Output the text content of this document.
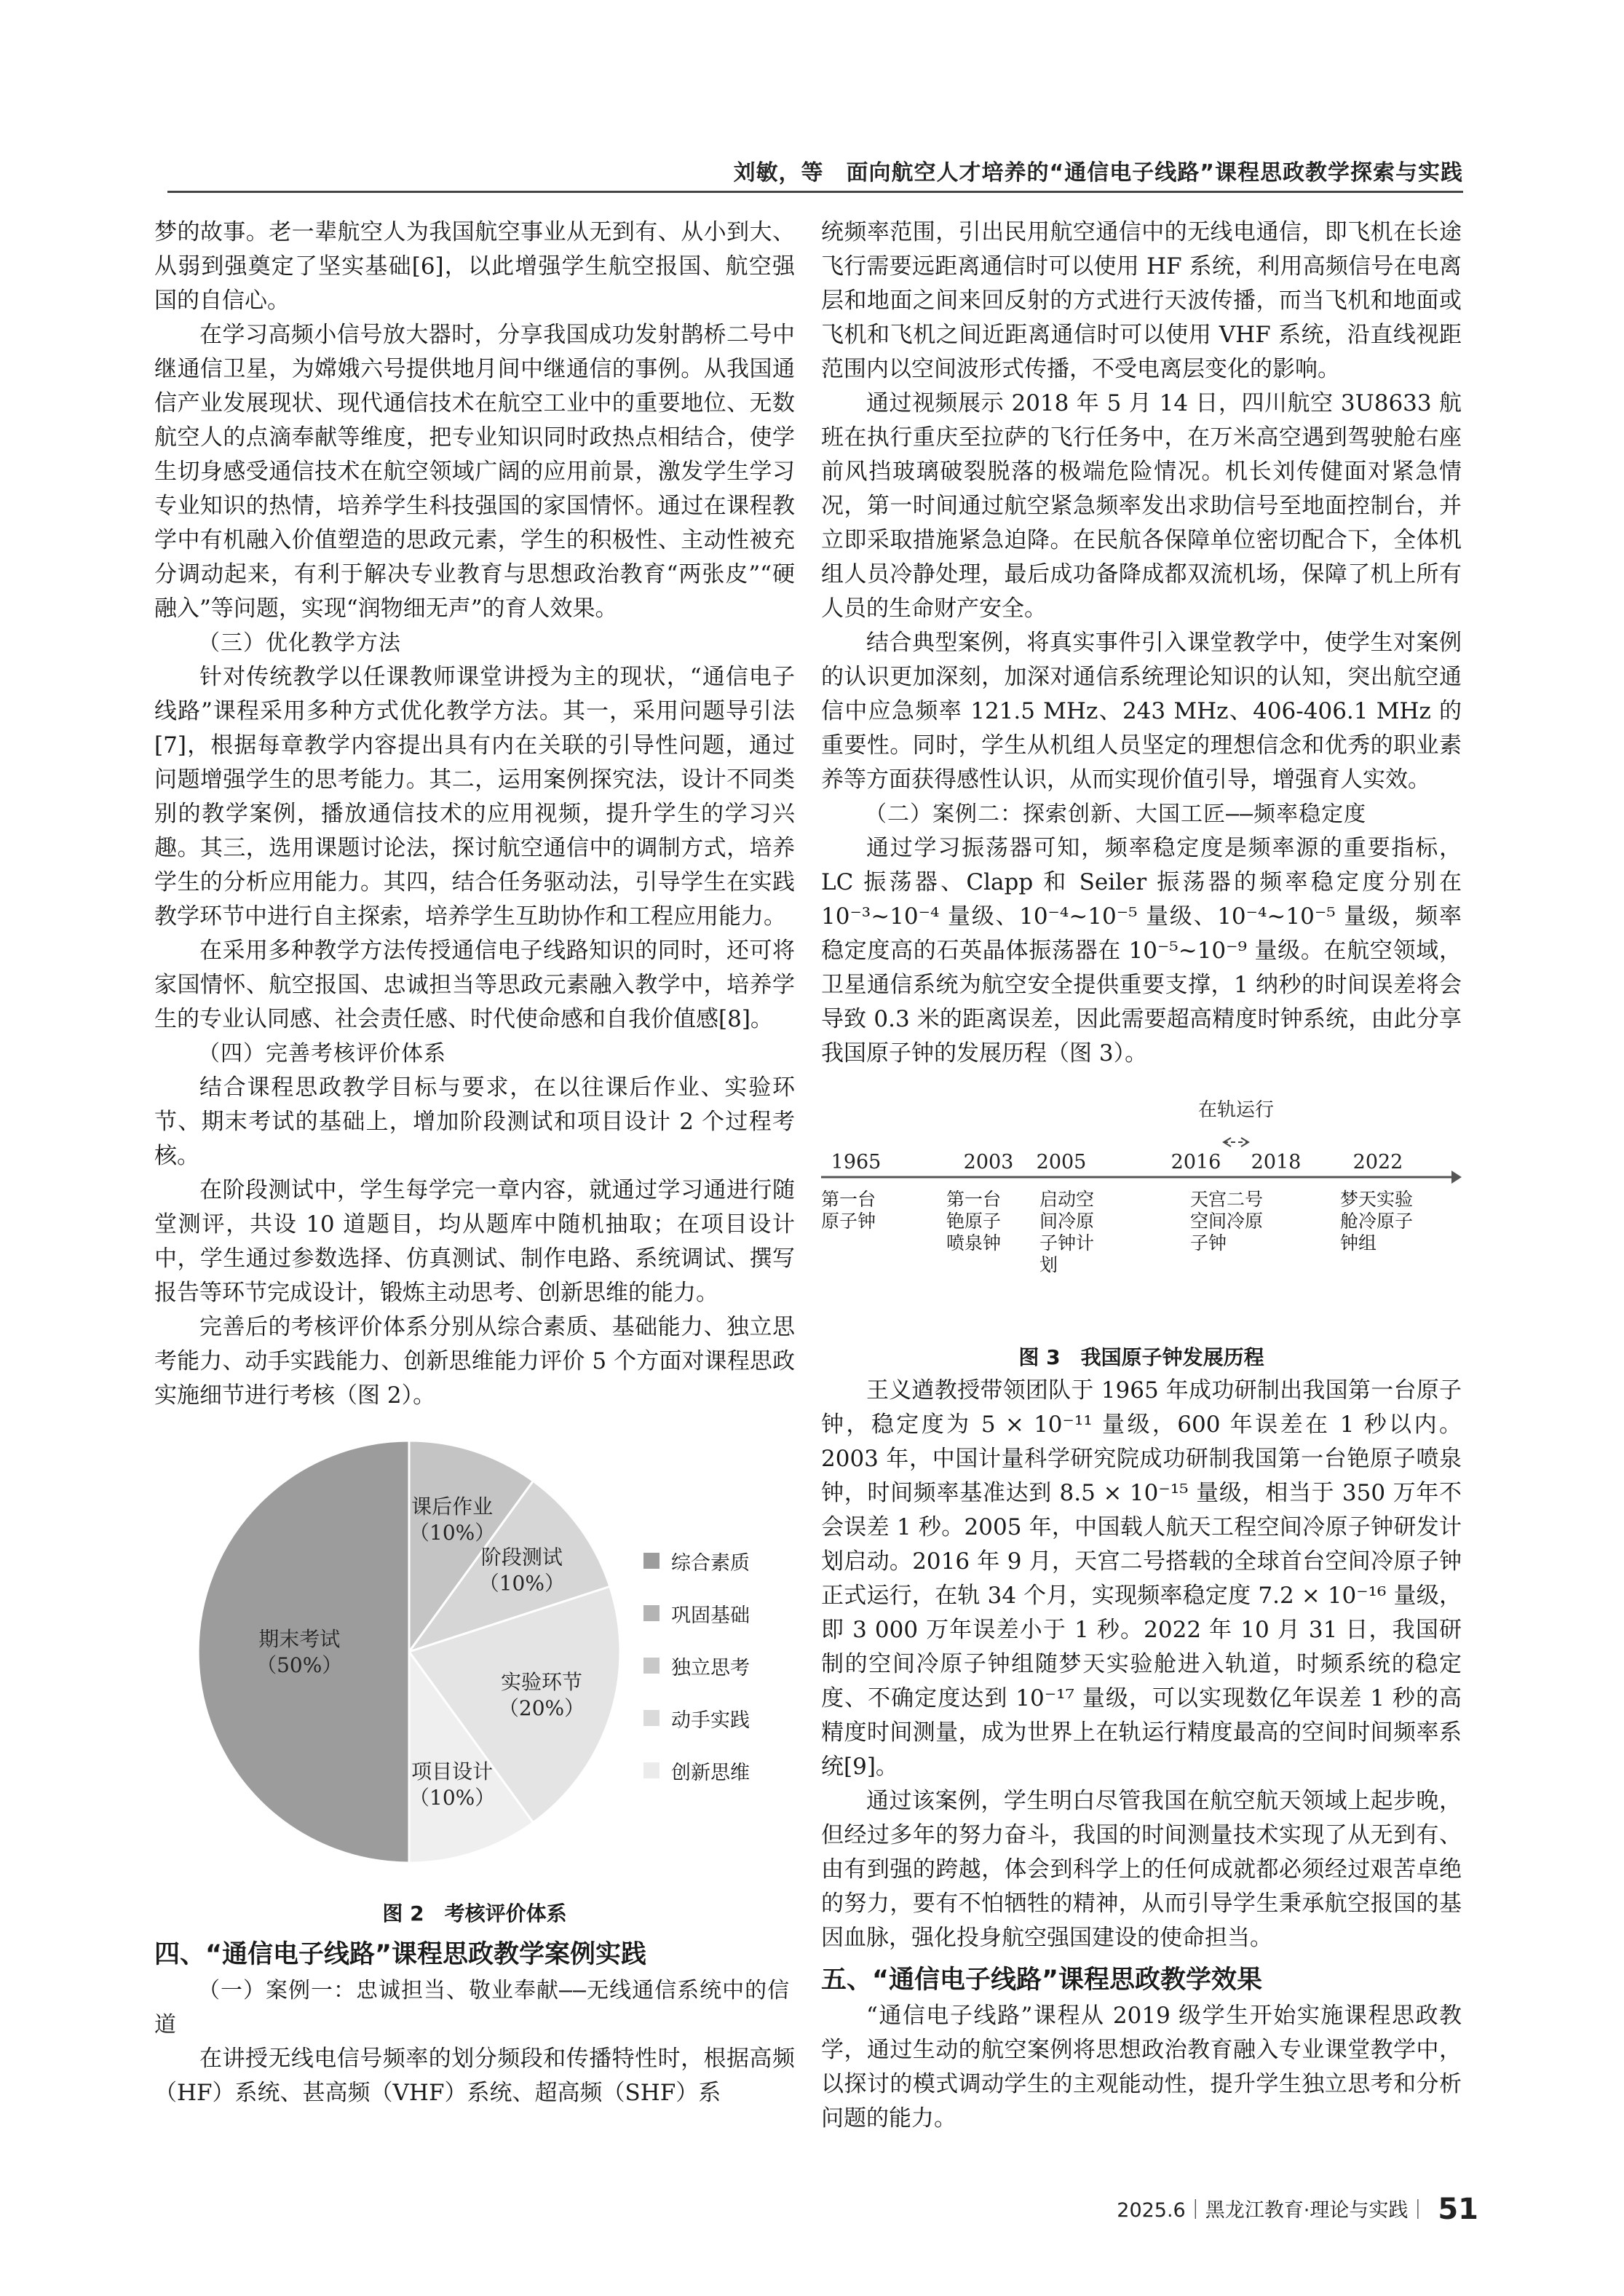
刘敏，等　面向航空人才培养的“通信电子线路”课程思政教学探索与实践

梦的故事。老一辈航空人为我国航空事业从无到有、从小到大、从弱到强奠定了坚实基础[6]，以此增强学生航空报国、航空强国的自信心。

在学习高频小信号放大器时，分享我国成功发射鹊桥二号中继通信卫星，为嫦娥六号提供地月间中继通信的事例。从我国通信产业发展现状、现代通信技术在航空工业中的重要地位、无数航空人的点滴奉献等维度，把专业知识同时政热点相结合，使学生切身感受通信技术在航空领域广阔的应用前景，激发学生学习专业知识的热情，培养学生科技强国的家国情怀。通过在课程教学中有机融入价值塑造的思政元素，学生的积极性、主动性被充分调动起来，有利于解决专业教育与思想政治教育“两张皮”“硬融入”等问题，实现“润物细无声”的育人效果。

（三）优化教学方法

针对传统教学以任课教师课堂讲授为主的现状，“通信电子线路”课程采用多种方式优化教学方法。其一，采用问题导引法[7]，根据每章教学内容提出具有内在关联的引导性问题，通过问题增强学生的思考能力。其二，运用案例探究法，设计不同类别的教学案例，播放通信技术的应用视频，提升学生的学习兴趣。其三，选用课题讨论法，探讨航空通信中的调制方式，培养学生的分析应用能力。其四，结合任务驱动法，引导学生在实践教学环节中进行自主探索，培养学生互助协作和工程应用能力。

在采用多种教学方法传授通信电子线路知识的同时，还可将家国情怀、航空报国、忠诚担当等思政元素融入教学中，培养学生的专业认同感、社会责任感、时代使命感和自我价值感[8]。

（四）完善考核评价体系

结合课程思政教学目标与要求，在以往课后作业、实验环节、期末考试的基础上，增加阶段测试和项目设计 2 个过程考核。

在阶段测试中，学生每学完一章内容，就通过学习通进行随堂测评，共设 10 道题目，均从题库中随机抽取；在项目设计中，学生通过参数选择、仿真测试、制作电路、系统调试、撰写报告等环节完成设计，锻炼主动思考、创新思维的能力。

完善后的考核评价体系分别从综合素质、基础能力、独立思考能力、动手实践能力、创新思维能力评价 5 个方面对课程思政实施细节进行考核（图 2）。

课后作业
（10%）
阶段测试
（10%）
实验环节
（20%）
项目设计
（10%）
期末考试
（50%）
综合素质
巩固基础
独立思考
动手实践
创新思维
图 2　考核评价体系
四、“通信电子线路”课程思政教学案例实践
（一）案例一：忠诚担当、敬业奉献——无线通信系统中的信道

在讲授无线电信号频率的划分频段和传播特性时，根据高频（HF）系统、甚高频（VHF）系统、超高频（SHF）系

统频率范围，引出民用航空通信中的无线电通信，即飞机在长途飞行需要远距离通信时可以使用 HF 系统，利用高频信号在电离层和地面之间来回反射的方式进行天波传播，而当飞机和地面或飞机和飞机之间近距离通信时可以使用 VHF 系统，沿直线视距范围内以空间波形式传播，不受电离层变化的影响。

通过视频展示 2018 年 5 月 14 日，四川航空 3U8633 航班在执行重庆至拉萨的飞行任务中，在万米高空遇到驾驶舱右座前风挡玻璃破裂脱落的极端危险情况。机长刘传健面对紧急情况，第一时间通过航空紧急频率发出求助信号至地面控制台，并立即采取措施紧急迫降。在民航各保障单位密切配合下，全体机组人员冷静处理，最后成功备降成都双流机场，保障了机上所有人员的生命财产安全。

结合典型案例，将真实事件引入课堂教学中，使学生对案例的认识更加深刻，加深对通信系统理论知识的认知，突出航空通信中应急频率 121.5 MHz、243 MHz、406-406.1 MHz 的重要性。同时，学生从机组人员坚定的理想信念和优秀的职业素养等方面获得感性认识，从而实现价值引导，增强育人实效。

（二）案例二：探索创新、大国工匠——频率稳定度

通过学习振荡器可知，频率稳定度是频率源的重要指标，LC 振荡器、Clapp 和 Seiler 振荡器的频率稳定度分别在 10⁻³~10⁻⁴ 量级、10⁻⁴~10⁻⁵ 量级、10⁻⁴~10⁻⁵ 量级，频率稳定度高的石英晶体振荡器在 10⁻⁵~10⁻⁹ 量级。在航空领域，卫星通信系统为航空安全提供重要支撑，1 纳秒的时间误差将会导致 0.3 米的距离误差，因此需要超高精度时钟系统，由此分享我国原子钟的发展历程（图 3）。

1965	2003 2005	2016 2018	2022
在轨运行
第一台
原子钟
第一台
铯原子
喷泉钟
启动空
间冷原
子钟计
划
天宫二号
空间冷原
子钟
梦天实验
舱冷原子
钟组
图 3　我国原子钟发展历程

王义遒教授带领团队于 1965 年成功研制出我国第一台原子钟，稳定度为 5 × 10⁻¹¹ 量级，600 年误差在 1 秒以内。2003 年，中国计量科学研究院成功研制我国第一台铯原子喷泉钟，时间频率基准达到 8.5 × 10⁻¹⁵ 量级，相当于 350 万年不会误差 1 秒。2005 年，中国载人航天工程空间冷原子钟研发计划启动。2016 年 9 月，天宫二号搭载的全球首台空间冷原子钟正式运行，在轨 34 个月，实现频率稳定度 7.2 × 10⁻¹⁶ 量级，即 3 000 万年误差小于 1 秒。2022 年 10 月 31 日，我国研制的空间冷原子钟组随梦天实验舱进入轨道，时频系统的稳定度、不确定度达到 10⁻¹⁷ 量级，可以实现数亿年误差 1 秒的高精度时间测量，成为世界上在轨运行精度最高的空间时间频率系统[9]。

通过该案例，学生明白尽管我国在航空航天领域上起步晚，但经过多年的努力奋斗，我国的时间测量技术实现了从无到有、由有到强的跨越，体会到科学上的任何成就都必须经过艰苦卓绝的努力，要有不怕牺牲的精神，从而引导学生秉承航空报国的基因血脉，强化投身航空强国建设的使命担当。

五、“通信电子线路”课程思政教学效果

“通信电子线路”课程从 2019 级学生开始实施课程思政教学，通过生动的航空案例将思想政治教育融入专业课堂教学中，以探讨的模式调动学生的主观能动性，提升学生独立思考和分析问题的能力。

2025.6｜黑龙江教育·理论与实践｜ 51
